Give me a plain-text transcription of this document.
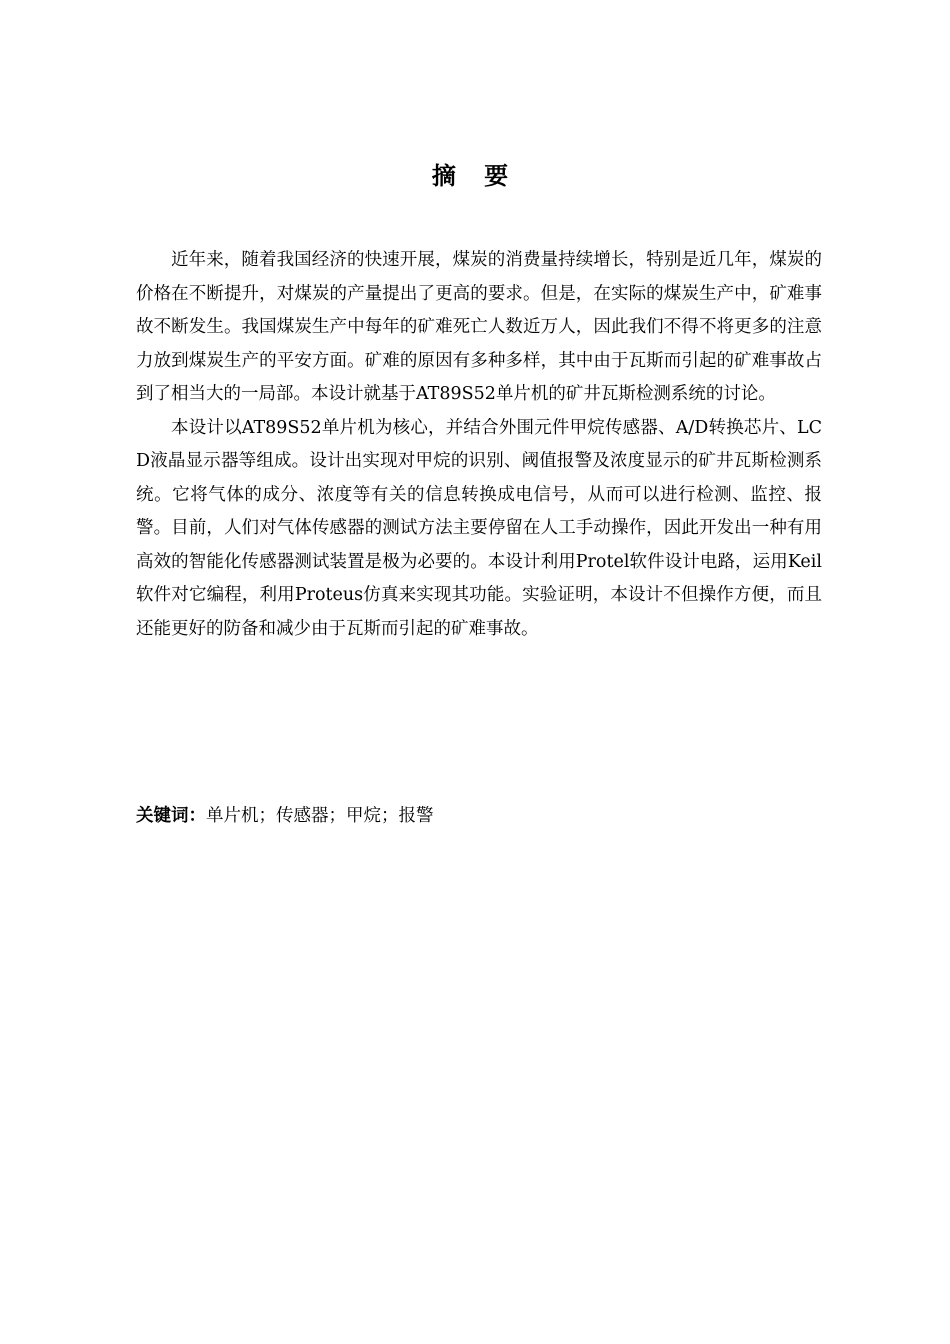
摘 要

近年来，随着我国经济的快速开展，煤炭的消费量持续增长，特别是近几年，煤炭的价格在不断提升，对煤炭的产量提出了更高的要求。但是，在实际的煤炭生产中，矿难事故不断发生。我国煤炭生产中每年的矿难死亡人数近万人，因此我们不得不将更多的注意力放到煤炭生产的平安方面。矿难的原因有多种多样，其中由于瓦斯而引起的矿难事故占到了相当大的一局部。本设计就基于AT89S52单片机的矿井瓦斯检测系统的讨论。

本设计以AT89S52单片机为核心，并结合外围元件甲烷传感器、A/D转换芯片、LCD液晶显示器等组成。设计出实现对甲烷的识别、阈值报警及浓度显示的矿井瓦斯检测系统。它将气体的成分、浓度等有关的信息转换成电信号，从而可以进行检测、监控、报警。目前，人们对气体传感器的测试方法主要停留在人工手动操作，因此开发出一种有用高效的智能化传感器测试装置是极为必要的。本设计利用Protel软件设计电路，运用Keil软件对它编程，利用Proteus仿真来实现其功能。实验证明，本设计不但操作方便，而且还能更好的防备和减少由于瓦斯而引起的矿难事故。

关键词：单片机；传感器；甲烷；报警
